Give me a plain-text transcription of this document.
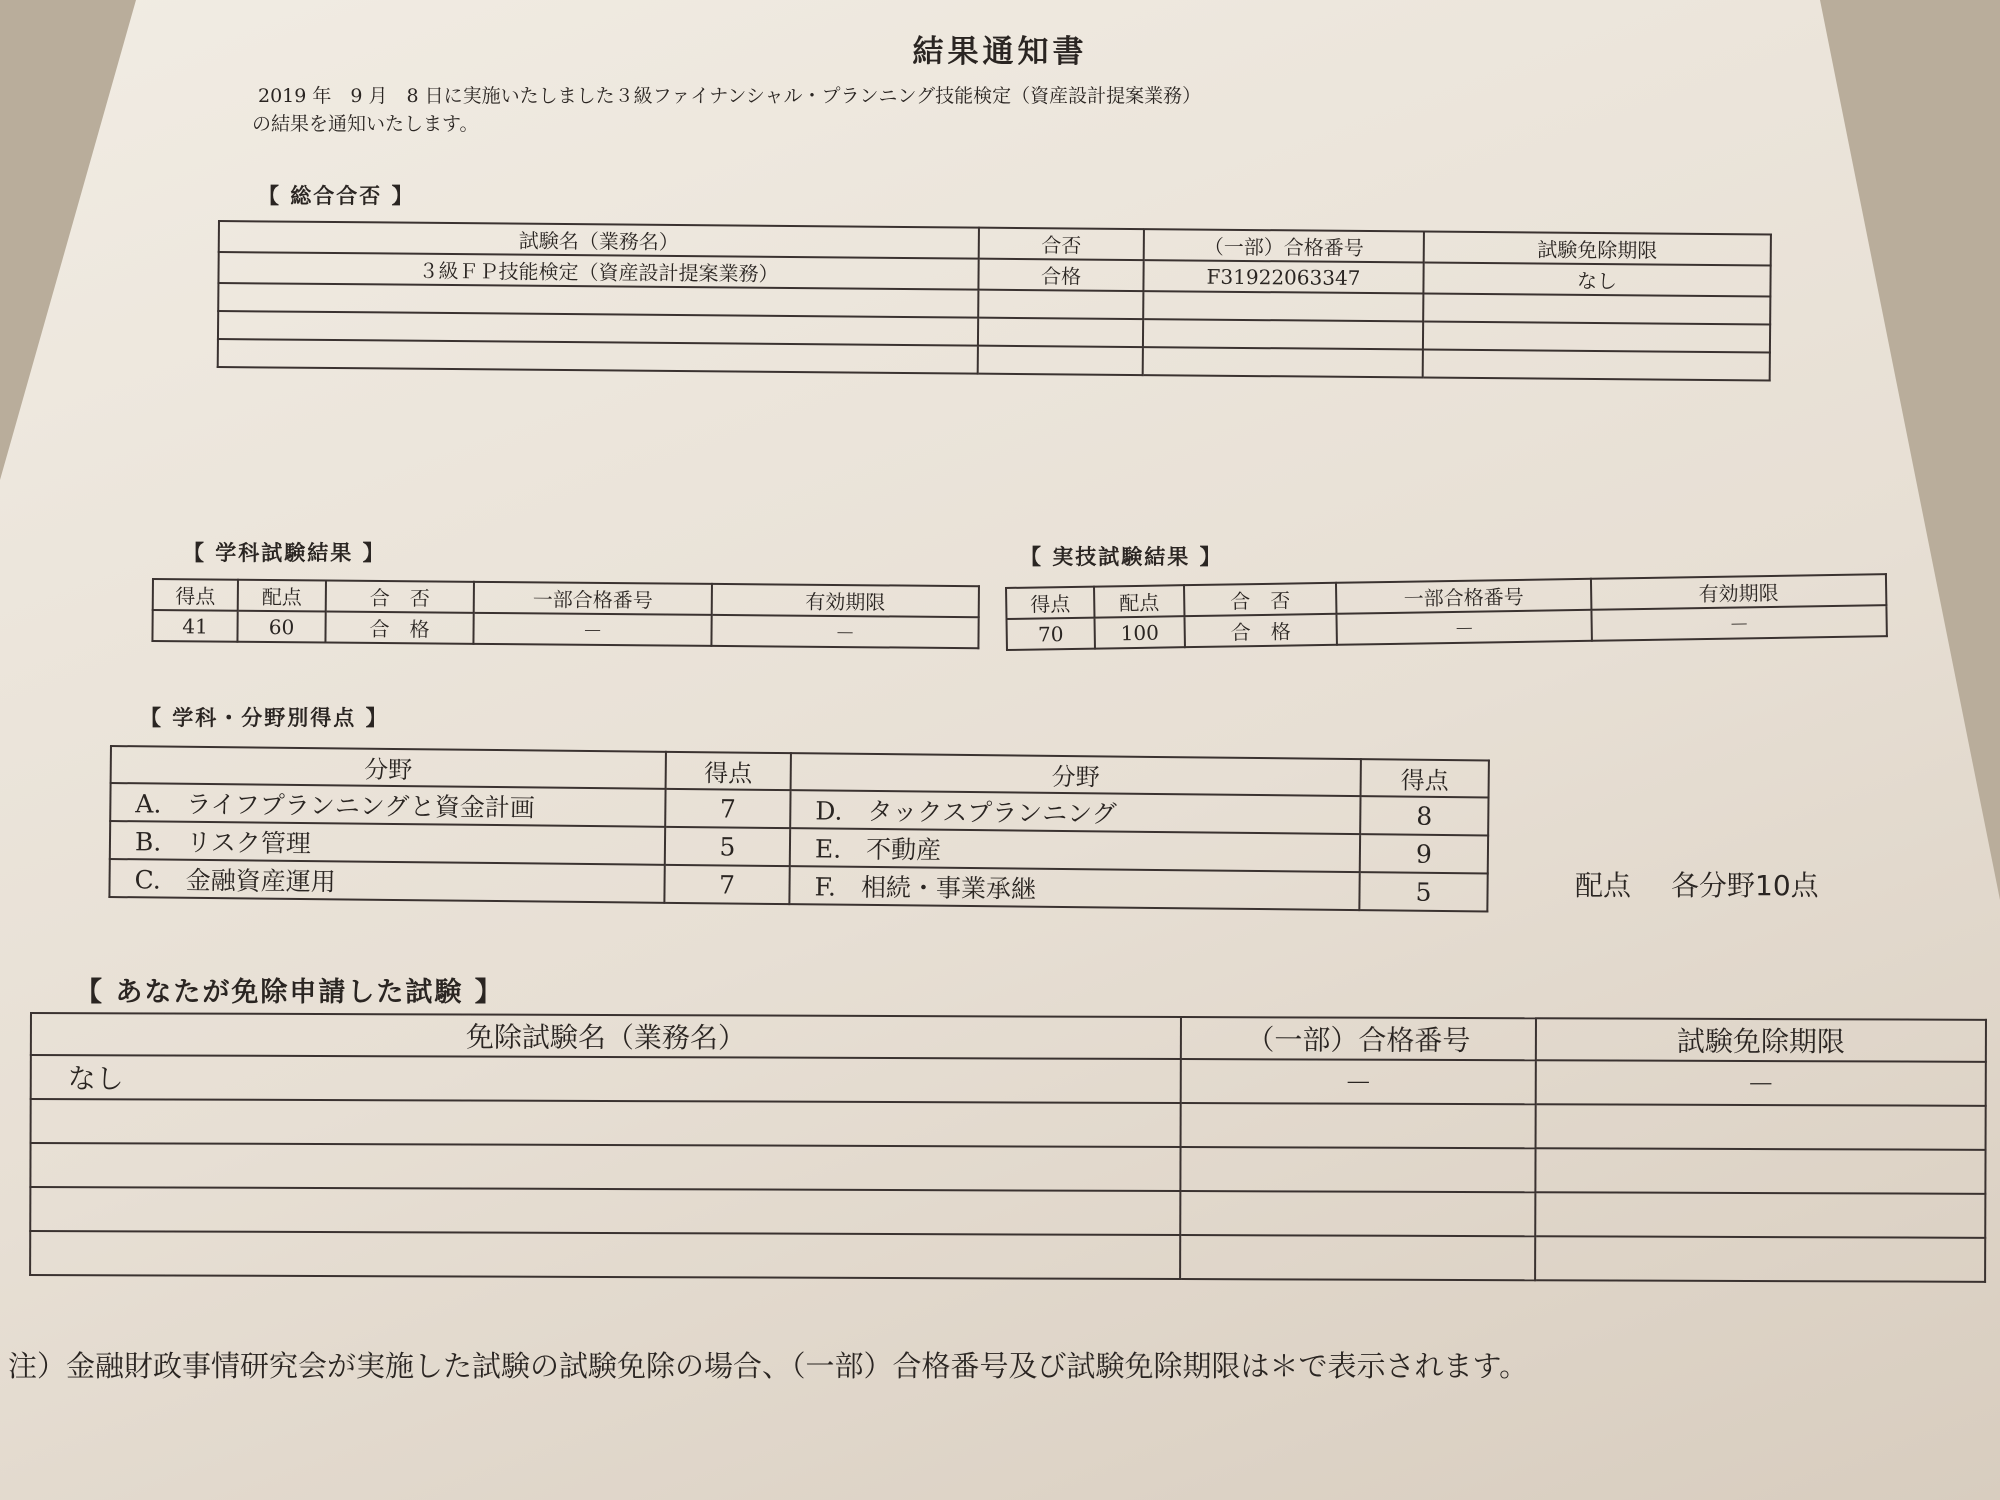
結果通知書
2019 年　9 月　8 日に実施いたしました３級ファイナンシャル・プランニング技能検定（資産設計提案業務）
の結果を通知いたします。
【 総合合否 】
試験名（業務名）	合否	（一部）合格番号	試験免除期限
３級ＦＰ技能検定（資産設計提案業務）	合格	F31922063347	なし

【 学科試験結果 】
得点	配点	合　否	一部合格番号	有効期限
41	60	合　格	－	－
【 実技試験結果 】
得点	配点	合　否	一部合格番号	有効期限
70	100	合　格	－	－
【 学科・分野別得点 】
分野	得点	分野	得点
A.　ライフプランニングと資金計画	7	D.　タックスプランニング	8
B.　リスク管理	5	E.　不動産	9
C.　金融資産運用	7	F.　相続・事業承継	5	配点 各分野10点
【 あなたが免除申請した試験 】
免除試験名（業務名）	（一部）合格番号	試験免除期限
なし	－	－

注）金融財政事情研究会が実施した試験の試験免除の場合、（一部）合格番号及び試験免除期限は＊で表示されます。
